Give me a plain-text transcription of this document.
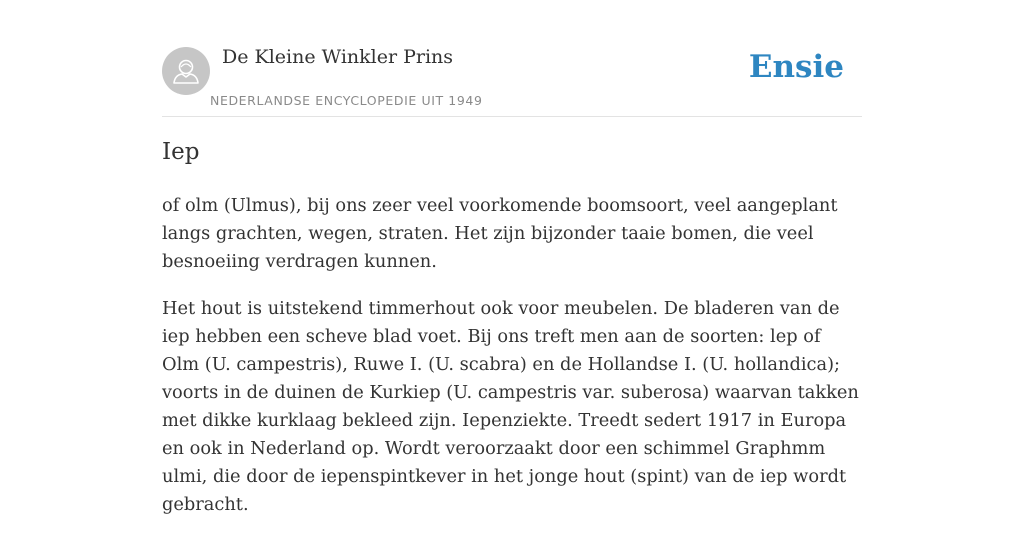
De Kleine Winkler Prins
NEDERLANDSE ENCYCLOPEDIE UIT 1949
Ensie
Iep

of olm (Ulmus), bij ons zeer veel voorkomende boomsoort, veel aangeplant langs grachten, wegen, straten. Het zijn bijzonder taaie bomen, die veel besnoeiing verdragen kunnen.

Het hout is uitstekend timmerhout ook voor meubelen. De bladeren van de iep hebben een scheve blad voet. Bij ons treft men aan de soorten: lep of Olm (U. campestris), Ruwe I. (U. scabra) en de Hollandse I. (U. hollandica); voorts in de duinen de Kurkiep (U. campestris var. suberosa) waarvan takken met dikke kurklaag bekleed zijn. Iepenziekte. Treedt sedert 1917 in Europa en ook in Nederland op. Wordt veroorzaakt door een schimmel Graphmm ulmi, die door de iepenspintkever in het jonge hout (spint) van de iep wordt gebracht.
